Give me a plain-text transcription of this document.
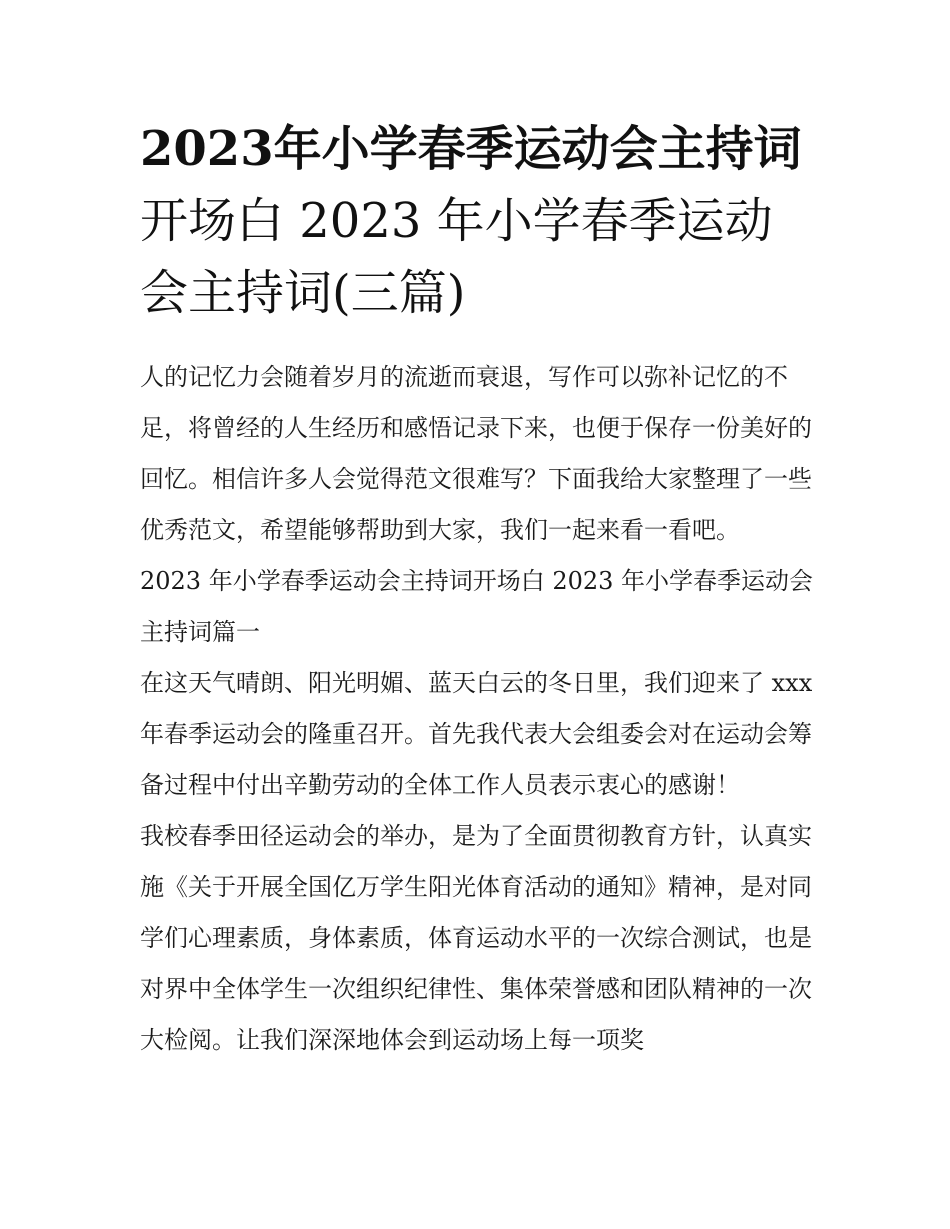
2023年小学春季运动会主持词
开场白 2023 年小学春季运动
会主持词(三篇)

人的记忆力会随着岁月的流逝而衰退，写作可以弥补记忆的不足，将曾经的人生经历和感悟记录下来，也便于保存一份美好的回忆。相信许多人会觉得范文很难写？下面我给大家整理了一些优秀范文，希望能够帮助到大家，我们一起来看一看吧。

2023 年小学春季运动会主持词开场白 2023 年小学春季运动会主持词篇一

在这天气晴朗、阳光明媚、蓝天白云的冬日里，我们迎来了 xxx 年春季运动会的隆重召开。首先我代表大会组委会对在运动会筹备过程中付出辛勤劳动的全体工作人员表示衷心的感谢！

我校春季田径运动会的举办，是为了全面贯彻教育方针，认真实施《关于开展全国亿万学生阳光体育活动的通知》精神，是对同学们心理素质，身体素质，体育运动水平的一次综合测试，也是对界中全体学生一次组织纪律性、集体荣誉感和团队精神的一次大检阅。让我们深深地体会到运动场上每一项奖
